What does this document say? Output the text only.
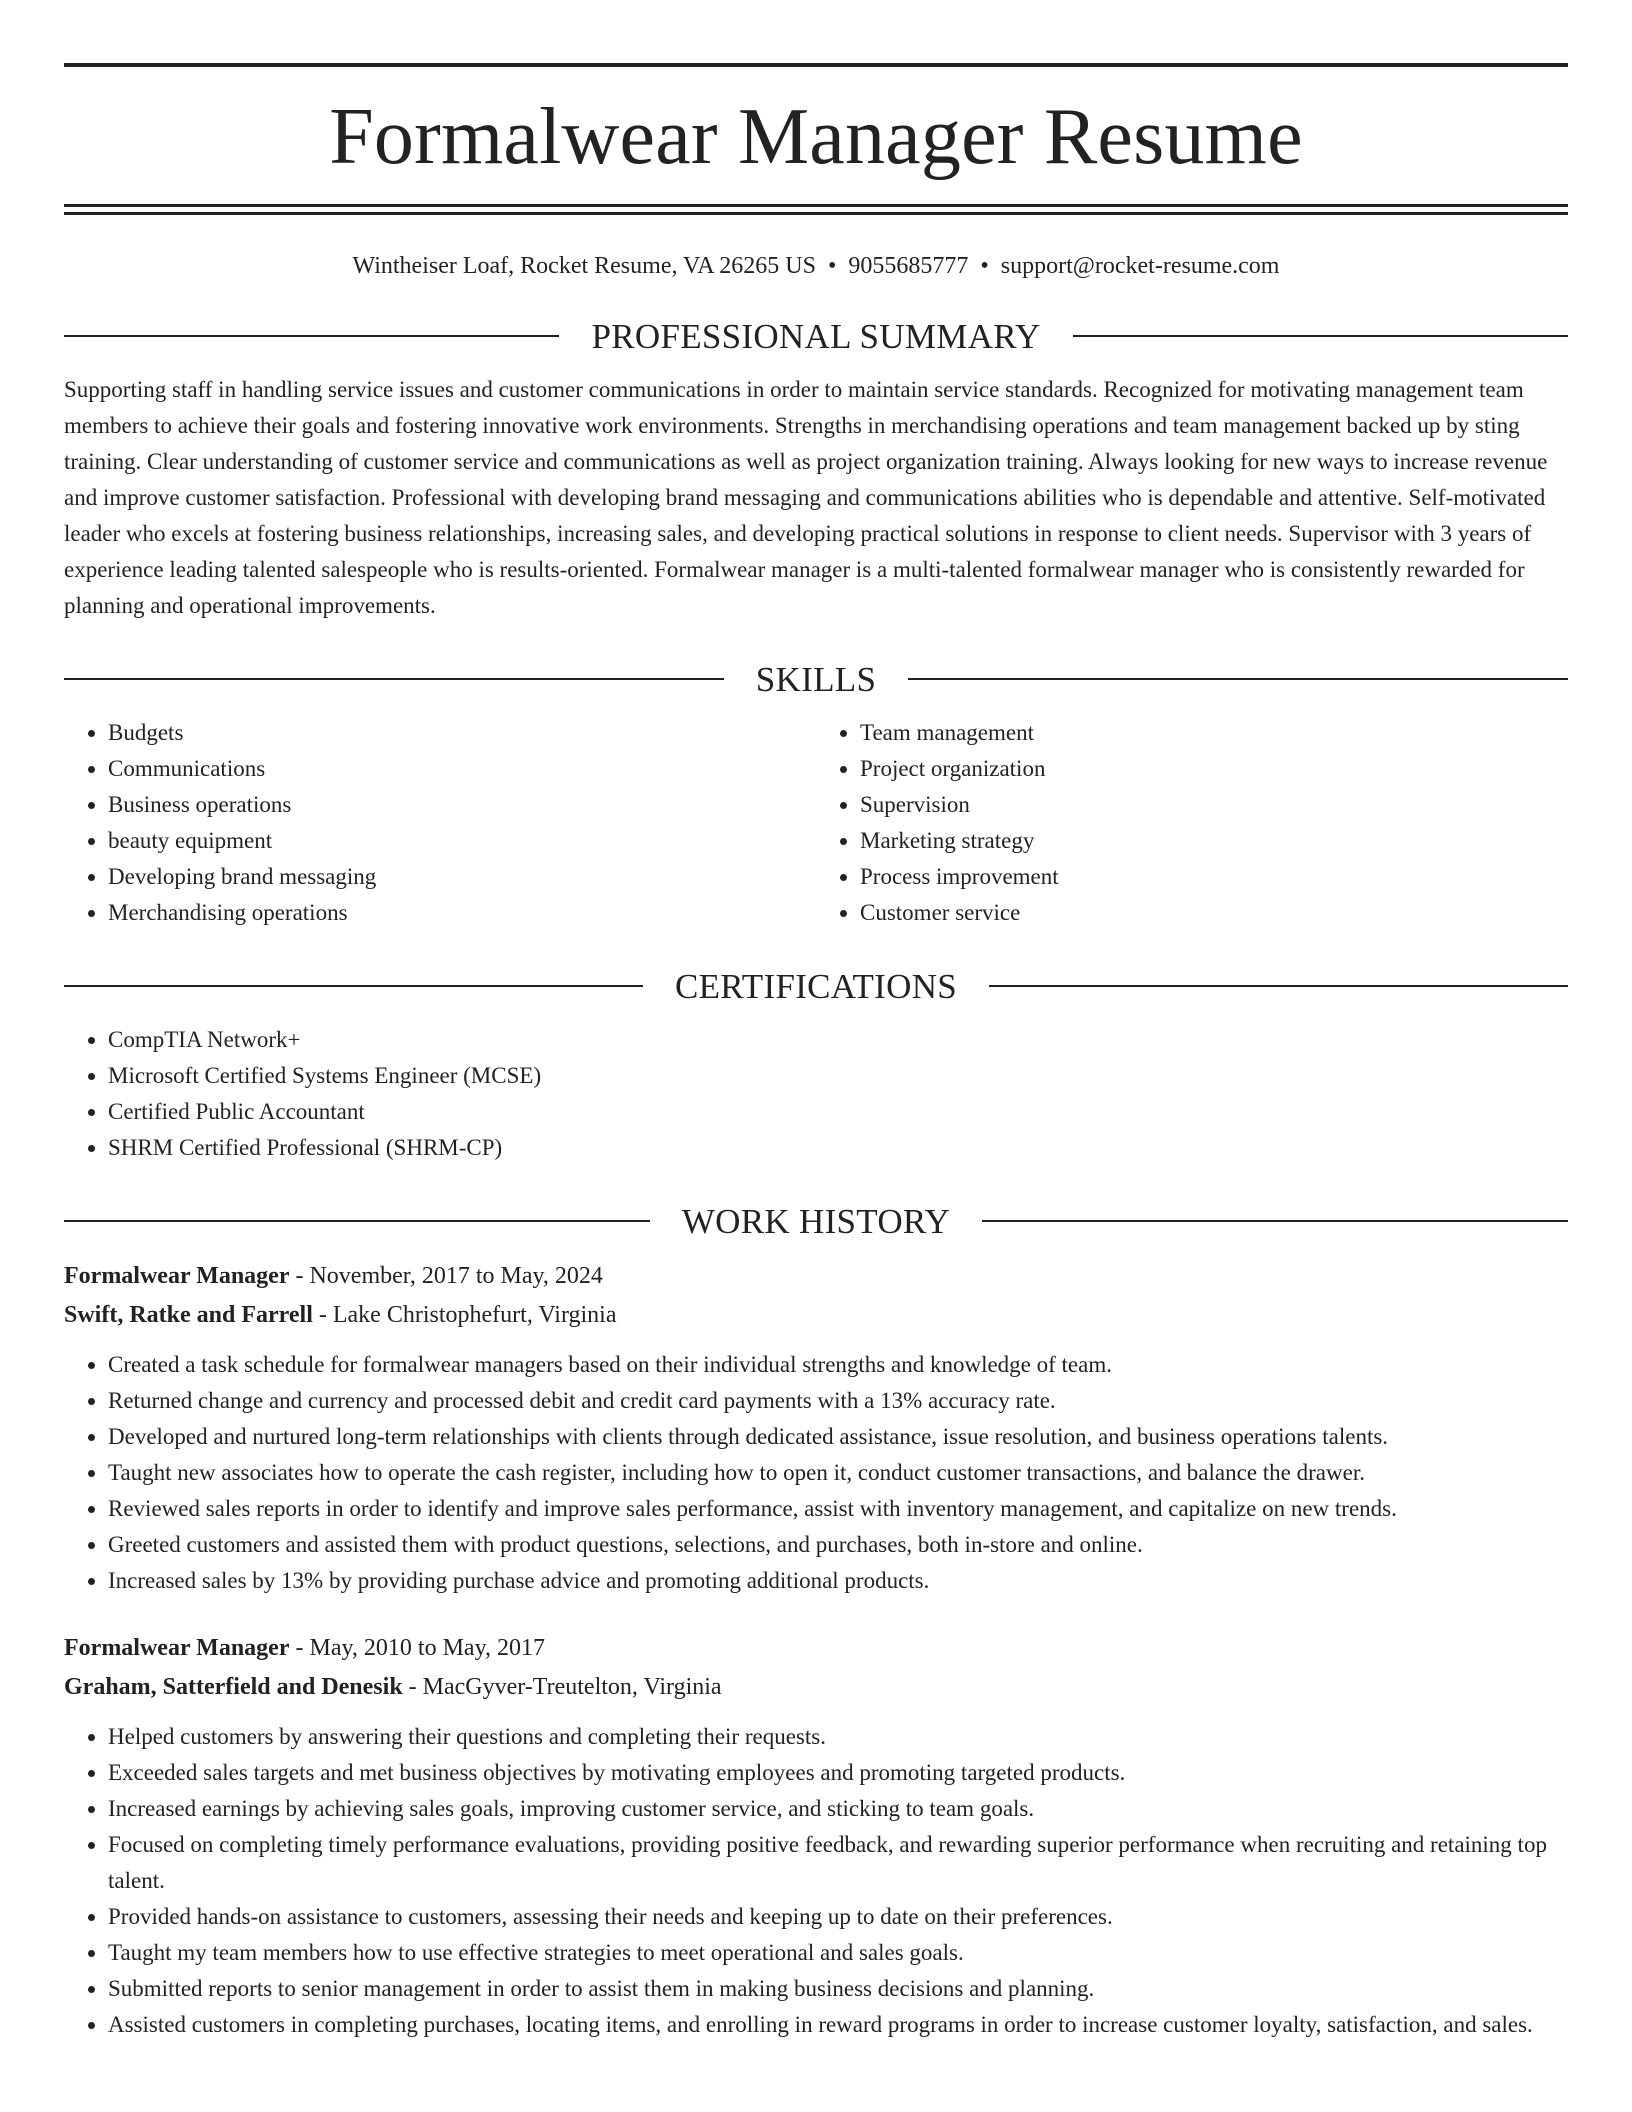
Formalwear Manager Resume
Wintheiser Loaf, Rocket Resume, VA 26265 US • 9055685777 • support@rocket-resume.com
PROFESSIONAL SUMMARY

Supporting staff in handling service issues and customer communications in order to maintain service standards. Recognized for motivating management team members to achieve their goals and fostering innovative work environments. Strengths in merchandising operations and team management backed up by sting training. Clear understanding of customer service and communications as well as project organization training. Always looking for new ways to increase revenue and improve customer satisfaction. Professional with developing brand messaging and communications abilities who is dependable and attentive. Self-motivated leader who excels at fostering business relationships, increasing sales, and developing practical solutions in response to client needs. Supervisor with 3 years of experience leading talented salespeople who is results-oriented. Formalwear manager is a multi-talented formalwear manager who is consistently rewarded for planning and operational improvements.

SKILLS
• Budgets
• Communications
• Business operations
• beauty equipment
• Developing brand messaging
• Merchandising operations
• Team management
• Project organization
• Supervision
• Marketing strategy
• Process improvement
• Customer service
CERTIFICATIONS
• CompTIA Network+
• Microsoft Certified Systems Engineer (MCSE)
• Certified Public Accountant
• SHRM Certified Professional (SHRM-CP)
WORK HISTORY
Formalwear Manager - November, 2017 to May, 2024
Swift, Ratke and Farrell - Lake Christophefurt, Virginia
• Created a task schedule for formalwear managers based on their individual strengths and knowledge of team.
• Returned change and currency and processed debit and credit card payments with a 13% accuracy rate.
• Developed and nurtured long-term relationships with clients through dedicated assistance, issue resolution, and business operations talents.
• Taught new associates how to operate the cash register, including how to open it, conduct customer transactions, and balance the drawer.
• Reviewed sales reports in order to identify and improve sales performance, assist with inventory management, and capitalize on new trends.
• Greeted customers and assisted them with product questions, selections, and purchases, both in-store and online.
• Increased sales by 13% by providing purchase advice and promoting additional products.
Formalwear Manager - May, 2010 to May, 2017
Graham, Satterfield and Denesik - MacGyver-Treutelton, Virginia
• Helped customers by answering their questions and completing their requests.
• Exceeded sales targets and met business objectives by motivating employees and promoting targeted products.
• Increased earnings by achieving sales goals, improving customer service, and sticking to team goals.
• Focused on completing timely performance evaluations, providing positive feedback, and rewarding superior performance when recruiting and retaining top talent.
• Provided hands-on assistance to customers, assessing their needs and keeping up to date on their preferences.
• Taught my team members how to use effective strategies to meet operational and sales goals.
• Submitted reports to senior management in order to assist them in making business decisions and planning.
• Assisted customers in completing purchases, locating items, and enrolling in reward programs in order to increase customer loyalty, satisfaction, and sales.
